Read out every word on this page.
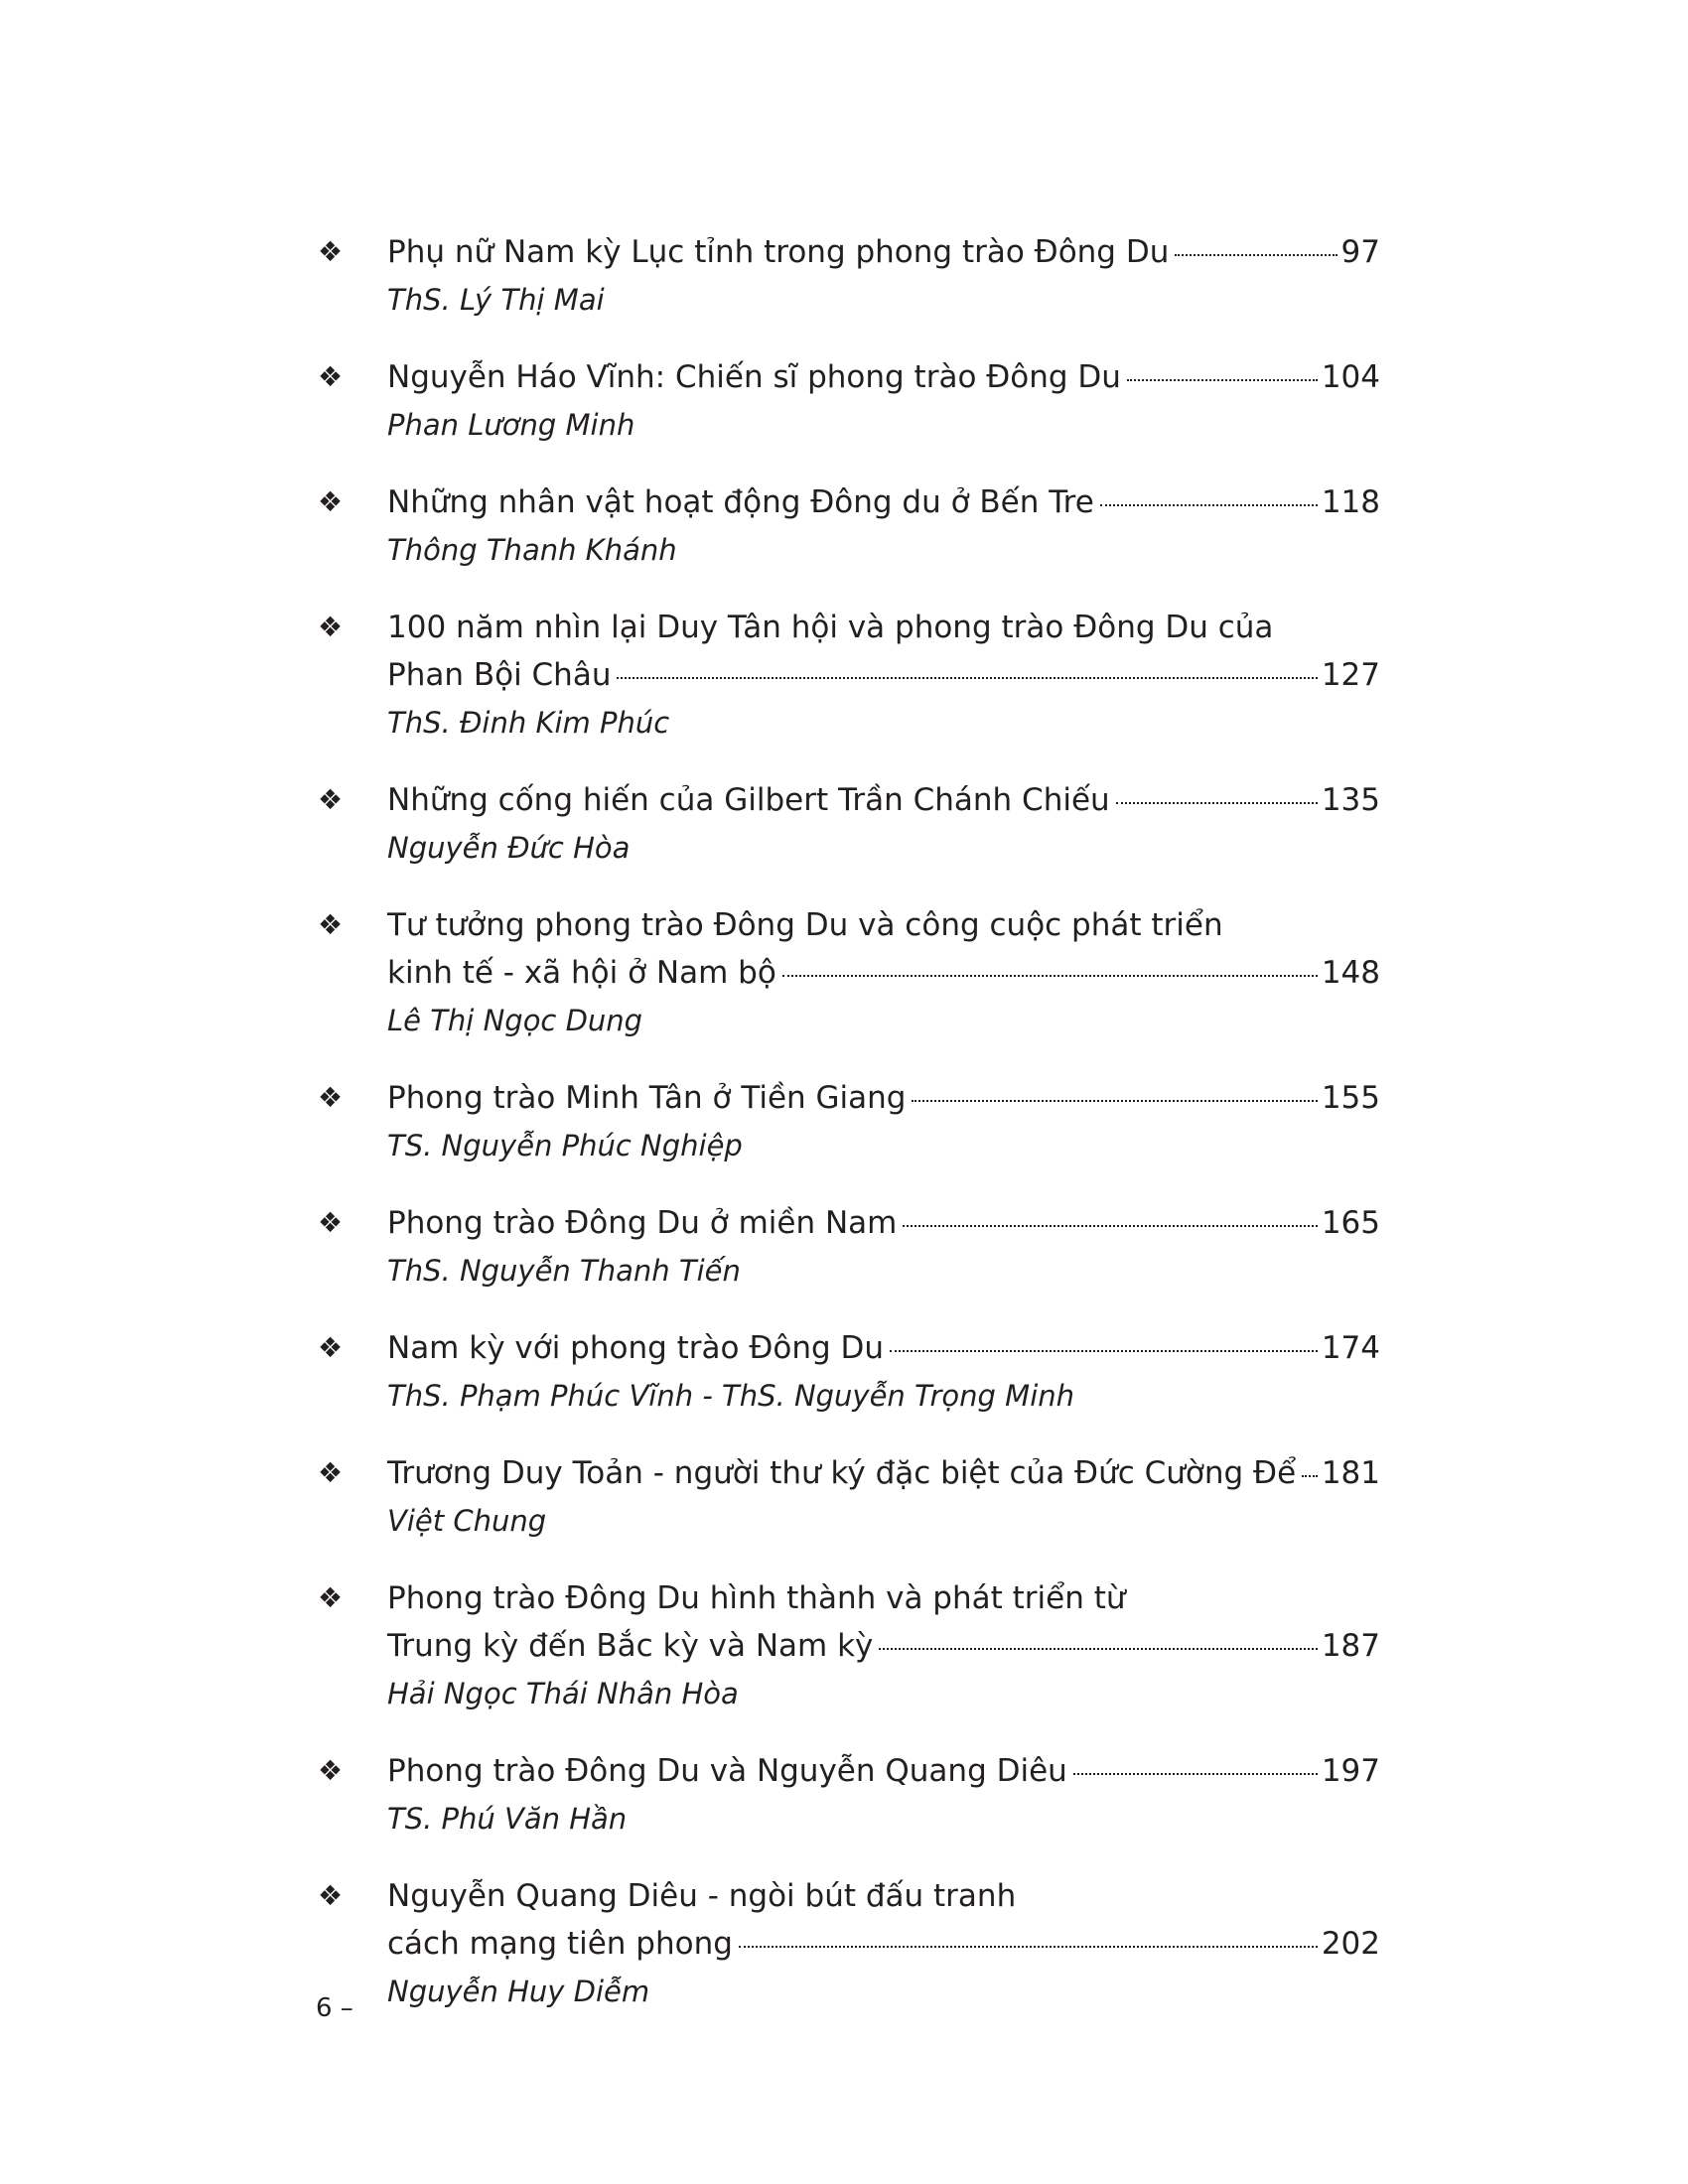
❖ Phụ nữ Nam kỳ Lục tỉnh trong phong trào Đông Du	97
ThS. Lý Thị Mai
❖ Nguyễn Háo Vĩnh: Chiến sĩ phong trào Đông Du	104
Phan Lương Minh
❖ Những nhân vật hoạt động Đông du ở Bến Tre	118
Thông Thanh Khánh
❖ 100 năm nhìn lại Duy Tân hội và phong trào Đông Du của
Phan Bội Châu	127
ThS. Đinh Kim Phúc
❖ Những cống hiến của Gilbert Trần Chánh Chiếu	135
Nguyễn Đức Hòa
❖ Tư tưởng phong trào Đông Du và công cuộc phát triển
kinh tế - xã hội ở Nam bộ	148
Lê Thị Ngọc Dung
❖ Phong trào Minh Tân ở Tiền Giang	155
TS. Nguyễn Phúc Nghiệp
❖ Phong trào Đông Du ở miền Nam	165
ThS. Nguyễn Thanh Tiến
❖ Nam kỳ với phong trào Đông Du	174
ThS. Phạm Phúc Vĩnh - ThS. Nguyễn Trọng Minh
❖ Trương Duy Toản - người thư ký đặc biệt của Đức Cường Để 181
Việt Chung
❖ Phong trào Đông Du hình thành và phát triển từ
Trung kỳ đến Bắc kỳ và Nam kỳ	187
Hải Ngọc Thái Nhân Hòa
❖ Phong trào Đông Du và Nguyễn Quang Diêu	197
TS. Phú Văn Hần
❖ Nguyễn Quang Diêu - ngòi bút đấu tranh
cách mạng tiên phong	202
Nguyễn Huy Diễm
6 –
